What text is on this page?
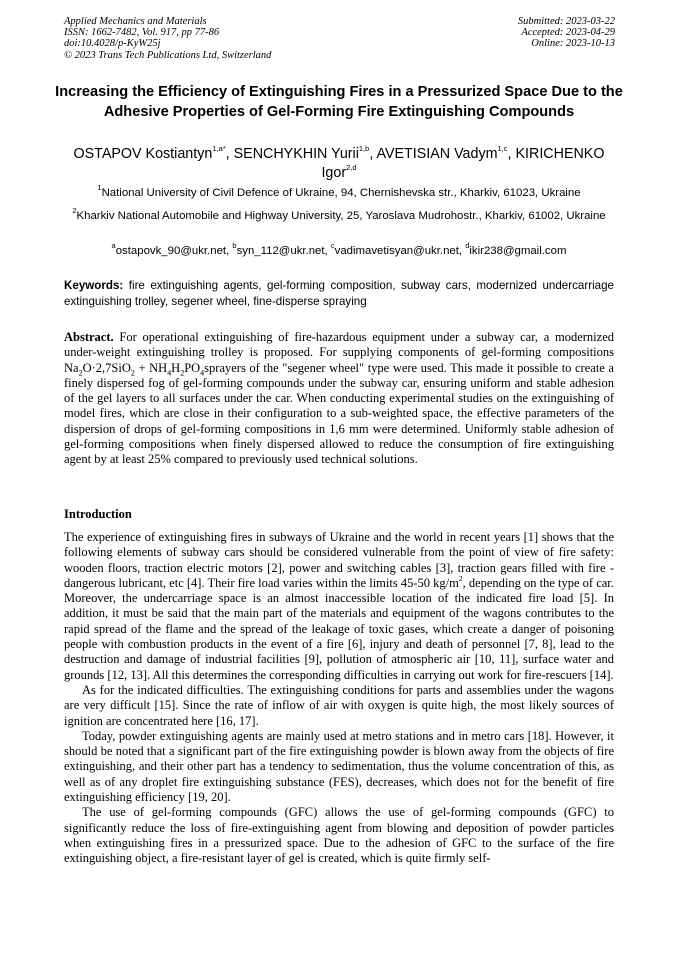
Applied Mechanics and Materials
ISSN: 1662-7482, Vol. 917, pp 77-86
doi:10.4028/p-KyW25j
© 2023 Trans Tech Publications Ltd, Switzerland
Submitted: 2023-03-22
Accepted: 2023-04-29
Online: 2023-10-13
Increasing the Efficiency of Extinguishing Fires in a Pressurized Space Due to the Adhesive Properties of Gel-Forming Fire Extinguishing Compounds
OSTAPOV Kostiantyn$^{1,a*}$, SENCHYKHIN Yurii$^{1,b}$, AVETISIAN Vadym$^{1,c}$, KIRICHENKO Igor$^{2,d}$
$^1$National University of Civil Defence of Ukraine, 94, Chernishevska str., Kharkiv, 61023, Ukraine
$^2$Kharkiv National Automobile and Highway University, 25, Yaroslava Mudrohostr., Kharkiv, 61002, Ukraine
$^a$ostapovk_90@ukr.net, $^b$syn_112@ukr.net, $^c$vadimavetisyan@ukr.net, $^d$ikir238@gmail.com
Keywords: fire extinguishing agents, gel-forming composition, subway cars, modernized undercarriage extinguishing trolley, segener wheel, fine-disperse spraying
Abstract. For operational extinguishing of fire-hazardous equipment under a subway car, a modernized under-weight extinguishing trolley is proposed. For supplying components of gel-forming compositions $Na_2O\cdot 2,7SiO_2$ + $NH_4H_2PO_4sprayers$ of the "segener wheel" type were used. This made it possible to create a finely dispersed fog of gel-forming compounds under the subway car, ensuring uniform and stable adhesion of the gel layers to all surfaces under the car. When conducting experimental studies on the extinguishing of model fires, which are close in their configuration to a sub-weighted space, the effective parameters of the dispersion of drops of gel-forming compositions in 1,6 mm were determined. Uniformly stable adhesion of gel-forming compositions when finely dispersed allowed to reduce the consumption of fire extinguishing agent by at least 25% compared to previously used technical solutions.
Introduction

The experience of extinguishing fires in subways of Ukraine and the world in recent years [1] shows that the following elements of subway cars should be considered vulnerable from the point of view of fire safety: wooden floors, traction electric motors [2], power and switching cables [3], traction gears filled with fire - dangerous lubricant, etc [4]. Their fire load varies within the limits 45-50 $kg/m^2$, depending on the type of car.

Moreover, the undercarriage space is an almost inaccessible location of the indicated fire load [5]. In addition, it must be said that the main part of the materials and equipment of the wagons contributes to the rapid spread of the flame and the spread of the leakage of toxic gases, which create a danger of poisoning people with combustion products in the event of a fire [6], injury and death of personnel [7, 8], lead to the destruction and damage of industrial facilities [9], pollution of atmospheric air [10, 11], surface water and grounds [12, 13]. All this determines the corresponding difficulties in carrying out work for fire-rescuers [14].

As for the indicated difficulties. The extinguishing conditions for parts and assemblies under the wagons are very difficult [15]. Since the rate of inflow of air with oxygen is quite high, the most likely sources of ignition are concentrated here [16, 17].

Today, powder extinguishing agents are mainly used at metro stations and in metro cars [18]. However, it should be noted that a significant part of the fire extinguishing powder is blown away from the objects of fire extinguishing, and their other part has a tendency to sedimentation, thus the volume concentration of this, as well as of any droplet fire extinguishing substance (FES), decreases, which does not for the benefit of fire extinguishing efficiency [19, 20].

The use of gel-forming compounds (GFC) allows the use of gel-forming compounds (GFC) to significantly reduce the loss of fire-extinguishing agent from blowing and deposition of powder particles when extinguishing fires in a pressurized space. Due to the adhesion of GFC to the surface of the fire extinguishing object, a fire-resistant layer of gel is created, which is quite firmly self-
